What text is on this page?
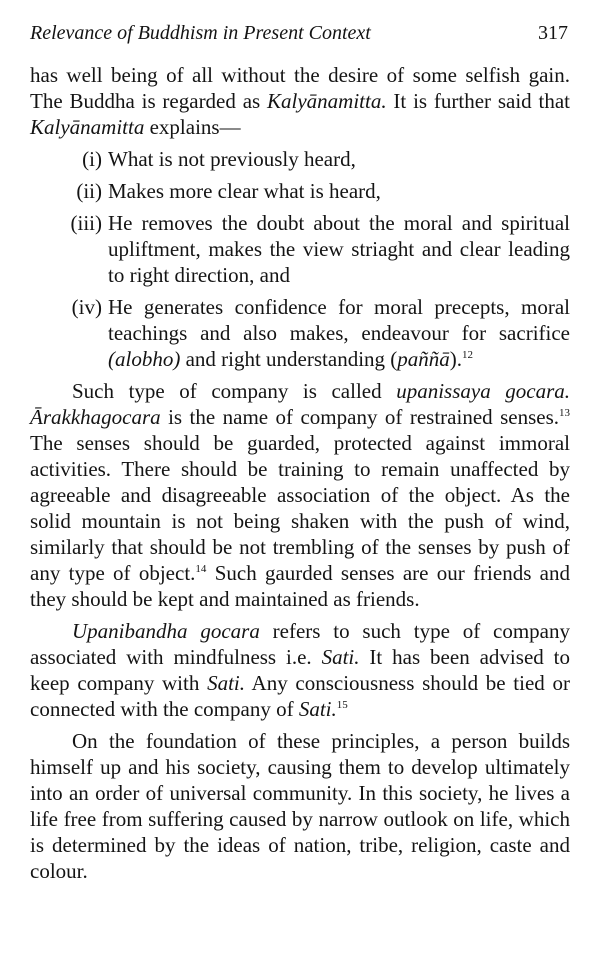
Relevance of Buddhism in Present Context	317

has well being of all without the desire of some selfish gain. The Buddha is regarded as Kalyānamitta. It is further said that Kalyānamitta explains—

(i) What is not previously heard,
(ii) Makes more clear what is heard,
(iii) He removes the doubt about the moral and spiritual upliftment, makes the view striaght and clear leading to right direction, and
(iv) He generates confidence for moral precepts, moral teachings and also makes, endeavour for sacrifice (alobho) and right understanding (paññā).$^{12}$

Such type of company is called upanissaya gocara. Ārakkhagocara is the name of company of restrained senses.$^{13}$ The senses should be guarded, protected against immoral activities. There should be training to remain unaffected by agreeable and disagreeable association of the object. As the solid mountain is not being shaken with the push of wind, similarly that should be not trembling of the senses by push of any type of object.$^{14}$ Such gaurded senses are our friends and they should be kept and maintained as friends.

Upanibandha gocara refers to such type of company associated with mindfulness i.e. Sati. It has been advised to keep company with Sati. Any consciousness should be tied or connected with the company of Sati.$^{15}$

On the foundation of these principles, a person builds himself up and his society, causing them to develop ultimately into an order of universal community. In this society, he lives a life free from suffering caused by narrow outlook on life, which is determined by the ideas of nation, tribe, religion, caste and colour.
